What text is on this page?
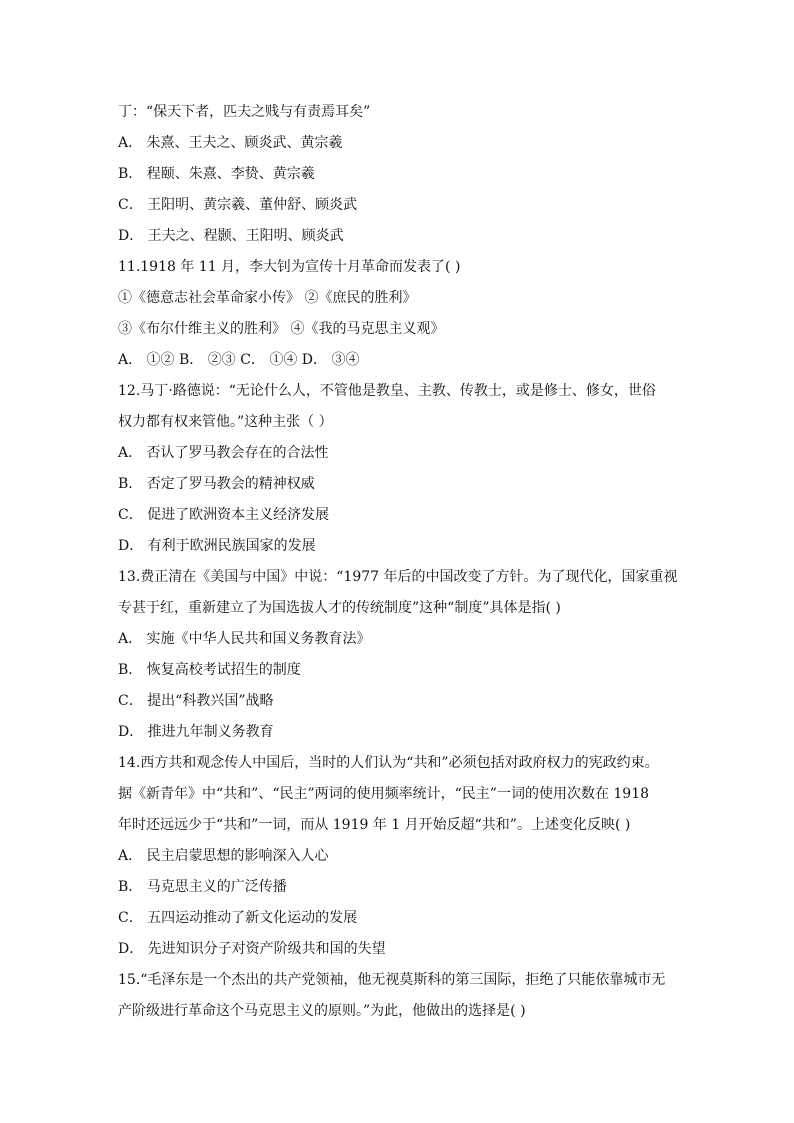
丁：“保天下者，匹夫之贱与有责焉耳矣”
A． 朱熹、王夫之、顾炎武、黄宗羲
B． 程颐、朱熹、李贽、黄宗羲
C． 王阳明、黄宗羲、董仲舒、顾炎武
D． 王夫之、程颢、王阳明、顾炎武
11.1918 年 11 月，李大钊为宣传十月革命而发表了( )
①《德意志社会革命家小传》 ②《庶民的胜利》
③《布尔什维主义的胜利》 ④《我的马克思主义观》
A． ①② B． ②③ C． ①④ D． ③④
12.马丁·路德说：“无论什么人，不管他是教皇、主教、传教士，或是修士、修女，世俗
权力都有权来管他。”这种主张（ ）
A． 否认了罗马教会存在的合法性
B． 否定了罗马教会的精神权威
C． 促进了欧洲资本主义经济发展
D． 有利于欧洲民族国家的发展
13.费正清在《美国与中国》中说：“1977 年后的中国改变了方针。为了现代化，国家重视
专甚于红，重新建立了为国选拔人才的传统制度”这种“制度”具体是指( )
A． 实施《中华人民共和国义务教育法》
B． 恢复高校考试招生的制度
C． 提出“科教兴国”战略
D． 推进九年制义务教育
14.西方共和观念传人中国后，当时的人们认为“共和”必须包括对政府权力的宪政约束。
据《新青年》中“共和”、“民主”两词的使用频率统计，“民主”一词的使用次数在 1918
年时还远远少于“共和”一词，而从 1919 年 1 月开始反超“共和”。上述变化反映( )
A． 民主启蒙思想的影响深入人心
B． 马克思主义的广泛传播
C． 五四运动推动了新文化运动的发展
D． 先进知识分子对资产阶级共和国的失望
15.“毛泽东是一个杰出的共产党领袖，他无视莫斯科的第三国际，拒绝了只能依靠城市无
产阶级进行革命这个马克思主义的原则。”为此，他做出的选择是( )
